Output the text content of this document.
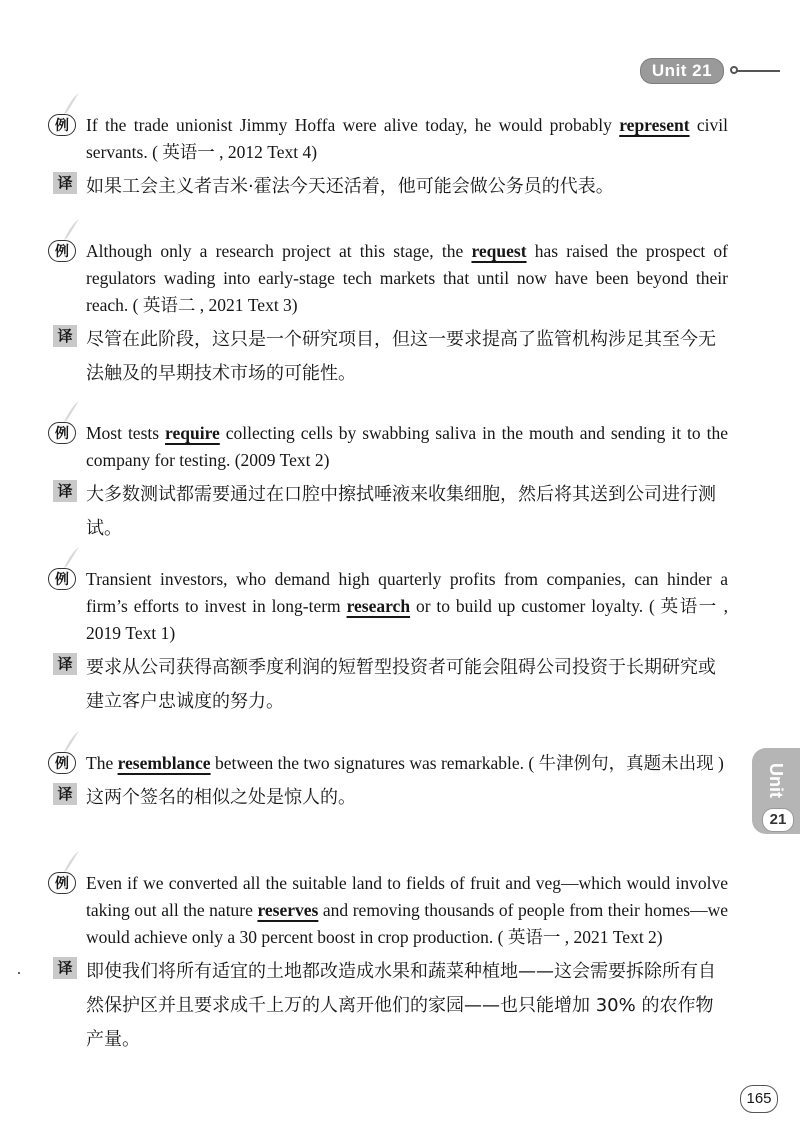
Unit 21
例 If the trade unionist Jimmy Hoffa were alive today, he would probably represent civil servants. ( 英语一 , 2012 Text 4)
译 如果工会主义者吉米·霍法今天还活着，他可能会做公务员的代表。
例 Although only a research project at this stage, the request has raised the prospect of regulators wading into early-stage tech markets that until now have been beyond their reach. ( 英语二 , 2021 Text 3)
译 尽管在此阶段，这只是一个研究项目，但这一要求提高了监管机构涉足其至今无法触及的早期技术市场的可能性。
例 Most tests require collecting cells by swabbing saliva in the mouth and sending it to the company for testing. (2009 Text 2)
译 大多数测试都需要通过在口腔中擦拭唾液来收集细胞，然后将其送到公司进行测试。
例 Transient investors, who demand high quarterly profits from companies, can hinder a firm’s efforts to invest in long-term research or to build up customer loyalty. ( 英语一 , 2019 Text 1)
译 要求从公司获得高额季度利润的短暂型投资者可能会阻碍公司投资于长期研究或建立客户忠诚度的努力。
例 The resemblance between the two signatures was remarkable. ( 牛津例句，真题未出现 )
译 这两个签名的相似之处是惊人的。
例 Even if we converted all the suitable land to fields of fruit and veg—which would involve taking out all the nature reserves and removing thousands of people from their homes—we would achieve only a 30 percent boost in crop production. ( 英语一 , 2021 Text 2)
译 即使我们将所有适宜的土地都改造成水果和蔬菜种植地——这会需要拆除所有自然保护区并且要求成千上万的人离开他们的家园——也只能增加 30% 的农作物产量。
Unit
21
165
